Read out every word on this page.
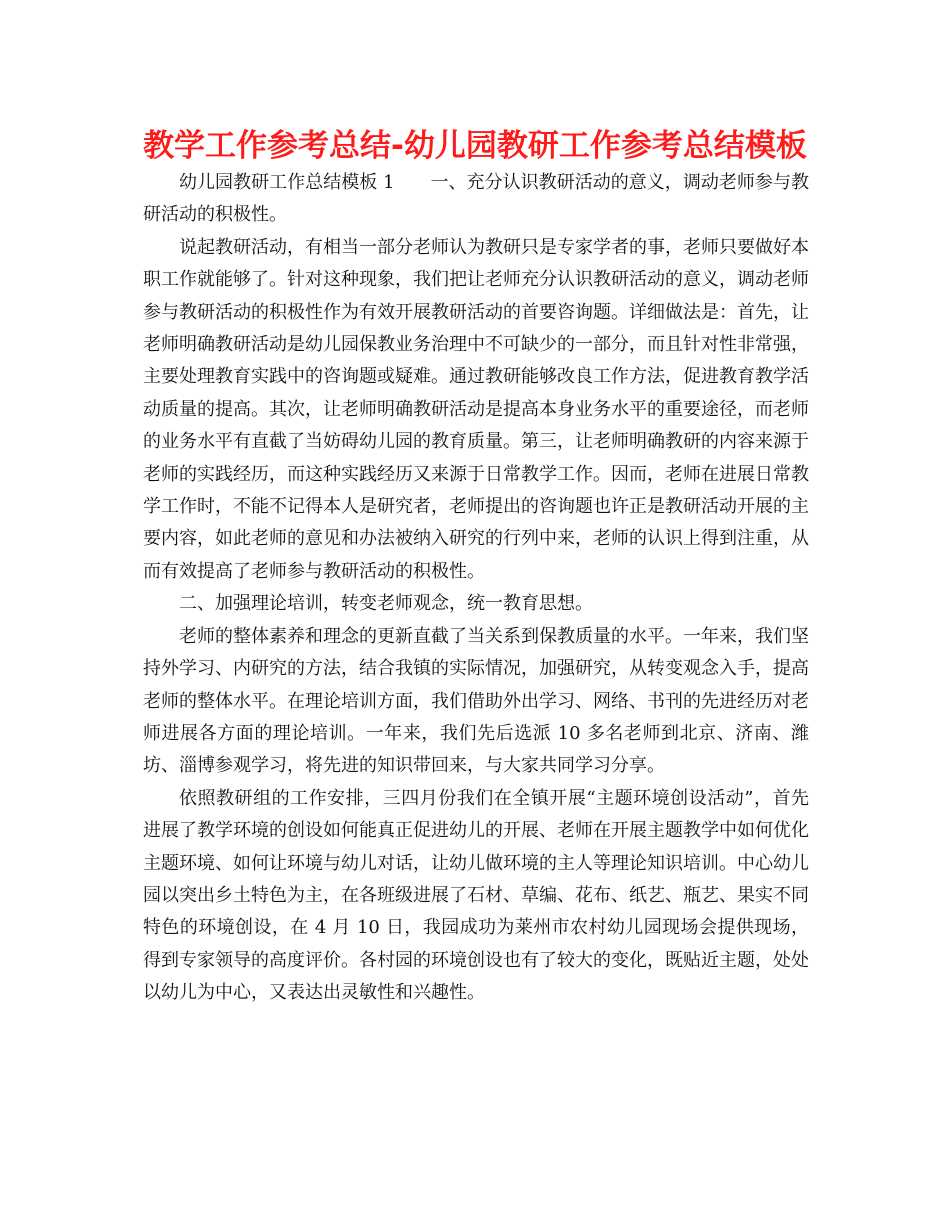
教学工作参考总结-幼儿园教研工作参考总结模板

幼儿园教研工作总结模板 1 一、充分认识教研活动的意义，调动老师参与教研活动的积极性。

说起教研活动，有相当一部分老师认为教研只是专家学者的事，老师只要做好本职工作就能够了。针对这种现象，我们把让老师充分认识教研活动的意义，调动老师参与教研活动的积极性作为有效开展教研活动的首要咨询题。详细做法是：首先，让老师明确教研活动是幼儿园保教业务治理中不可缺少的一部分，而且针对性非常强，主要处理教育实践中的咨询题或疑难。通过教研能够改良工作方法，促进教育教学活动质量的提高。其次，让老师明确教研活动是提高本身业务水平的重要途径，而老师的业务水平有直截了当妨碍幼儿园的教育质量。第三，让老师明确教研的内容来源于老师的实践经历，而这种实践经历又来源于日常教学工作。因而，老师在进展日常教学工作时，不能不记得本人是研究者，老师提出的咨询题也许正是教研活动开展的主要内容，如此老师的意见和办法被纳入研究的行列中来，老师的认识上得到注重，从而有效提高了老师参与教研活动的积极性。

二、加强理论培训，转变老师观念，统一教育思想。

老师的整体素养和理念的更新直截了当关系到保教质量的水平。一年来，我们坚持外学习、内研究的方法，结合我镇的实际情况，加强研究，从转变观念入手，提高老师的整体水平。在理论培训方面，我们借助外出学习、网络、书刊的先进经历对老师进展各方面的理论培训。一年来，我们先后选派 10 多名老师到北京、济南、潍坊、淄博参观学习，将先进的知识带回来，与大家共同学习分享。

依照教研组的工作安排，三四月份我们在全镇开展“主题环境创设活动”，首先进展了教学环境的创设如何能真正促进幼儿的开展、老师在开展主题教学中如何优化主题环境、如何让环境与幼儿对话，让幼儿做环境的主人等理论知识培训。中心幼儿园以突出乡土特色为主，在各班级进展了石材、草编、花布、纸艺、瓶艺、果实不同特色的环境创设，在 4 月 10 日，我园成功为莱州市农村幼儿园现场会提供现场，得到专家领导的高度评价。各村园的环境创设也有了较大的变化，既贴近主题，处处以幼儿为中心，又表达出灵敏性和兴趣性。
